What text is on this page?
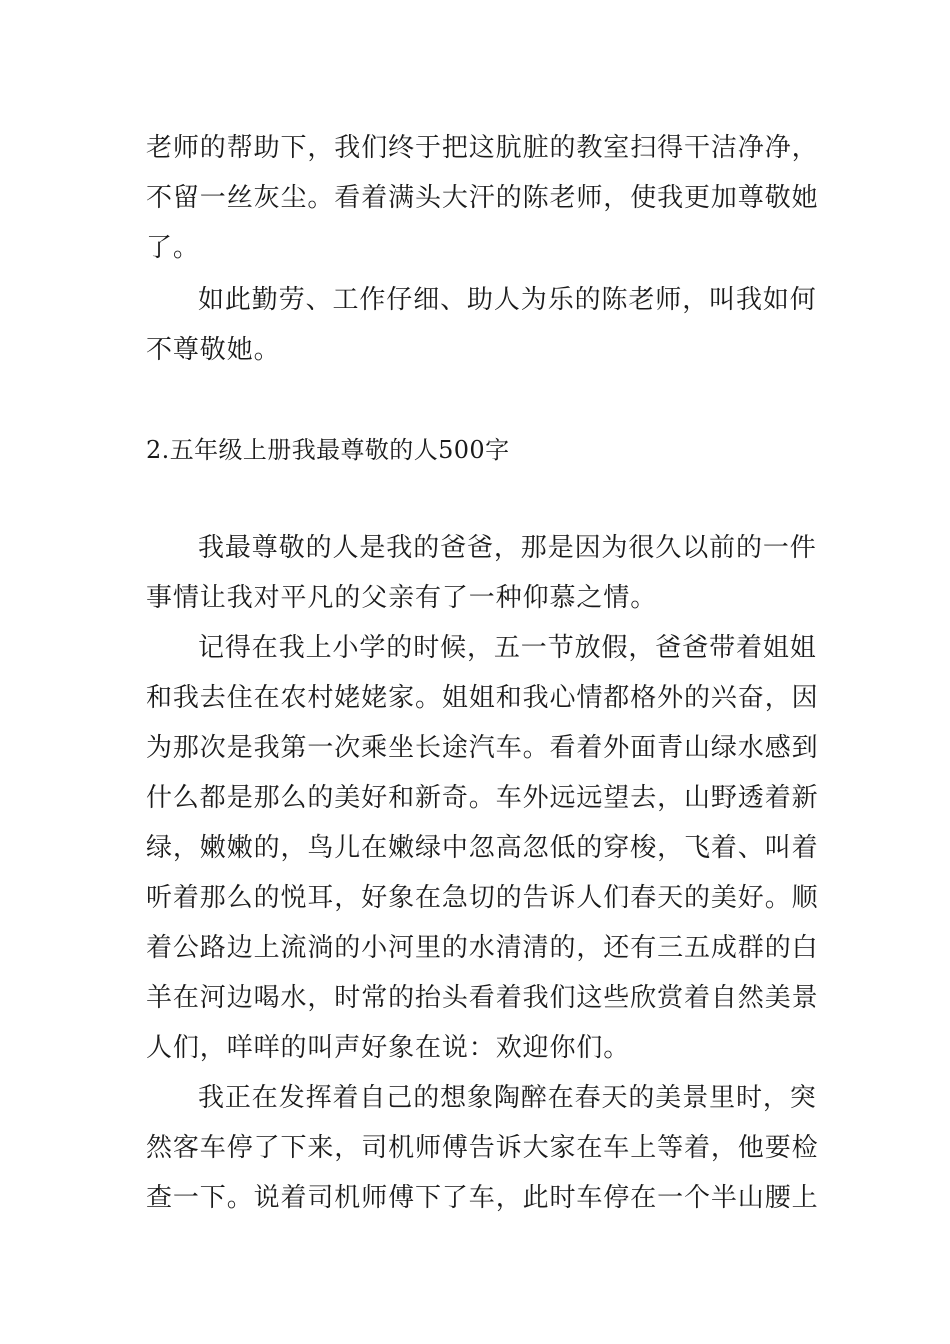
老师的帮助下，我们终于把这肮脏的教室扫得干洁净净，
不留一丝灰尘。看着满头大汗的陈老师，使我更加尊敬她
了。
如此勤劳、工作仔细、助人为乐的陈老师，叫我如何
不尊敬她。
2.五年级上册我最尊敬的人500字
我最尊敬的人是我的爸爸，那是因为很久以前的一件
事情让我对平凡的父亲有了一种仰慕之情。
记得在我上小学的时候，五一节放假，爸爸带着姐姐
和我去住在农村姥姥家。姐姐和我心情都格外的兴奋，因
为那次是我第一次乘坐长途汽车。看着外面青山绿水感到
什么都是那么的美好和新奇。车外远远望去，山野透着新
绿，嫩嫩的，鸟儿在嫩绿中忽高忽低的穿梭，飞着、叫着
听着那么的悦耳，好象在急切的告诉人们春天的美好。顺
着公路边上流淌的小河里的水清清的，还有三五成群的白
羊在河边喝水，时常的抬头看着我们这些欣赏着自然美景
人们，咩咩的叫声好象在说：欢迎你们。
我正在发挥着自己的想象陶醉在春天的美景里时，突
然客车停了下来，司机师傅告诉大家在车上等着，他要检
查一下。说着司机师傅下了车，此时车停在一个半山腰上
